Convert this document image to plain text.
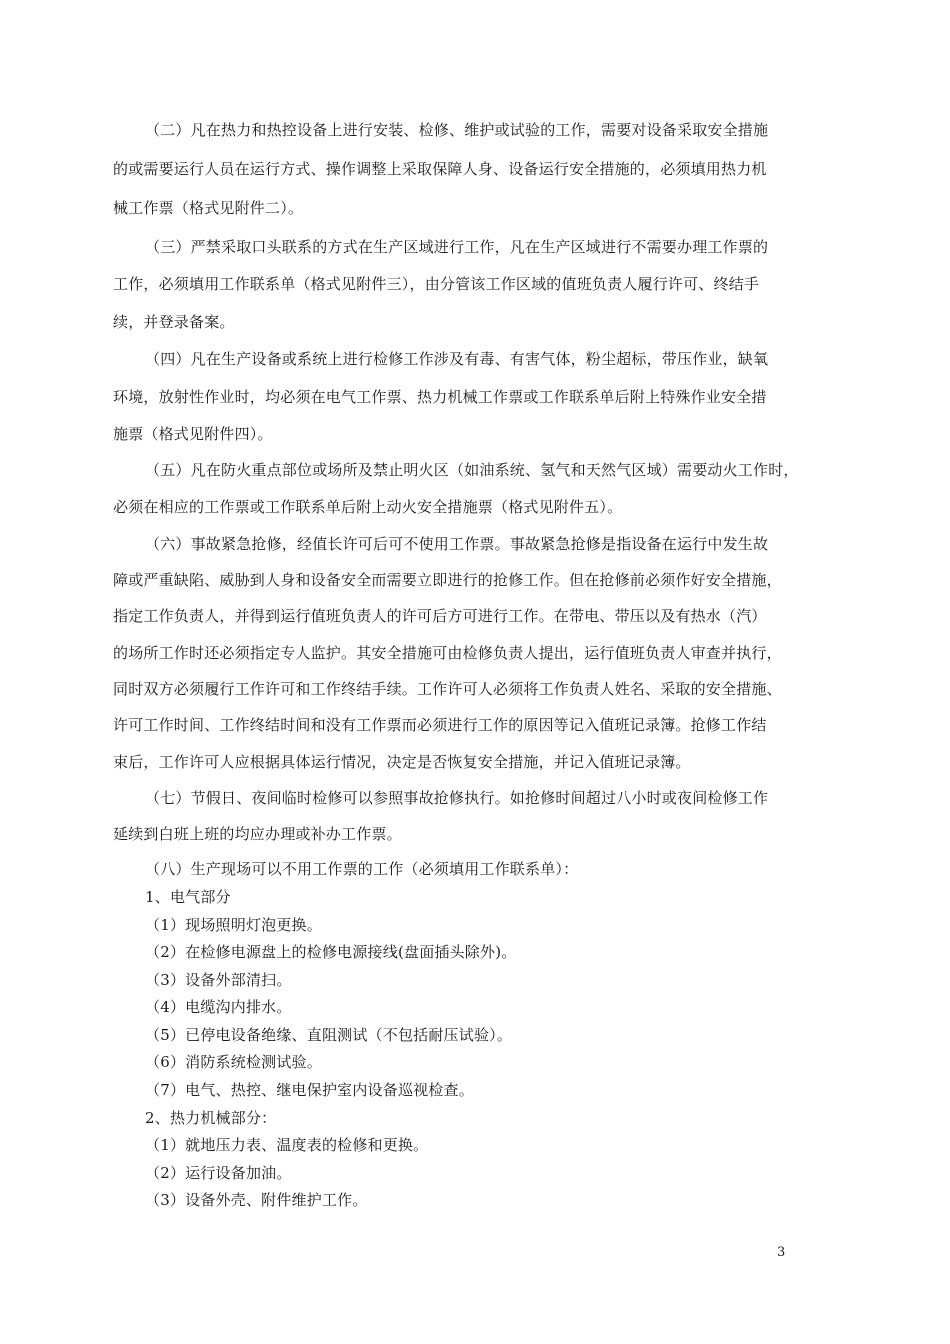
（二）凡在热力和热控设备上进行安装、检修、维护或试验的工作，需要对设备采取安全措施
的或需要运行人员在运行方式、操作调整上采取保障人身、设备运行安全措施的，必须填用热力机
械工作票（格式见附件二）。
（三）严禁采取口头联系的方式在生产区域进行工作，凡在生产区域进行不需要办理工作票的
工作，必须填用工作联系单（格式见附件三），由分管该工作区域的值班负责人履行许可、终结手
续，并登录备案。
（四）凡在生产设备或系统上进行检修工作涉及有毒、有害气体，粉尘超标，带压作业，缺氧
环境，放射性作业时，均必须在电气工作票、热力机械工作票或工作联系单后附上特殊作业安全措
施票（格式见附件四）。
（五）凡在防火重点部位或场所及禁止明火区（如油系统、氢气和天然气区域）需要动火工作时，
必须在相应的工作票或工作联系单后附上动火安全措施票（格式见附件五）。
（六）事故紧急抢修，经值长许可后可不使用工作票。事故紧急抢修是指设备在运行中发生故
障或严重缺陷、威胁到人身和设备安全而需要立即进行的抢修工作。但在抢修前必须作好安全措施，
指定工作负责人，并得到运行值班负责人的许可后方可进行工作。在带电、带压以及有热水（汽）
的场所工作时还必须指定专人监护。其安全措施可由检修负责人提出，运行值班负责人审查并执行，
同时双方必须履行工作许可和工作终结手续。工作许可人必须将工作负责人姓名、采取的安全措施、
许可工作时间、工作终结时间和没有工作票而必须进行工作的原因等记入值班记录簿。抢修工作结
束后，工作许可人应根据具体运行情况，决定是否恢复安全措施，并记入值班记录簿。
（七）节假日、夜间临时检修可以参照事故抢修执行。如抢修时间超过八小时或夜间检修工作
延续到白班上班的均应办理或补办工作票。
（八）生产现场可以不用工作票的工作（必须填用工作联系单）：
1、电气部分
（1）现场照明灯泡更换。
（2）在检修电源盘上的检修电源接线(盘面插头除外)。
（3）设备外部清扫。
（4）电缆沟内排水。
（5）已停电设备绝缘、直阻测试（不包括耐压试验）。
（6）消防系统检测试验。
（7）电气、热控、继电保护室内设备巡视检查。
2、热力机械部分：
（1）就地压力表、温度表的检修和更换。
（2）运行设备加油。
（3）设备外壳、附件维护工作。
3
